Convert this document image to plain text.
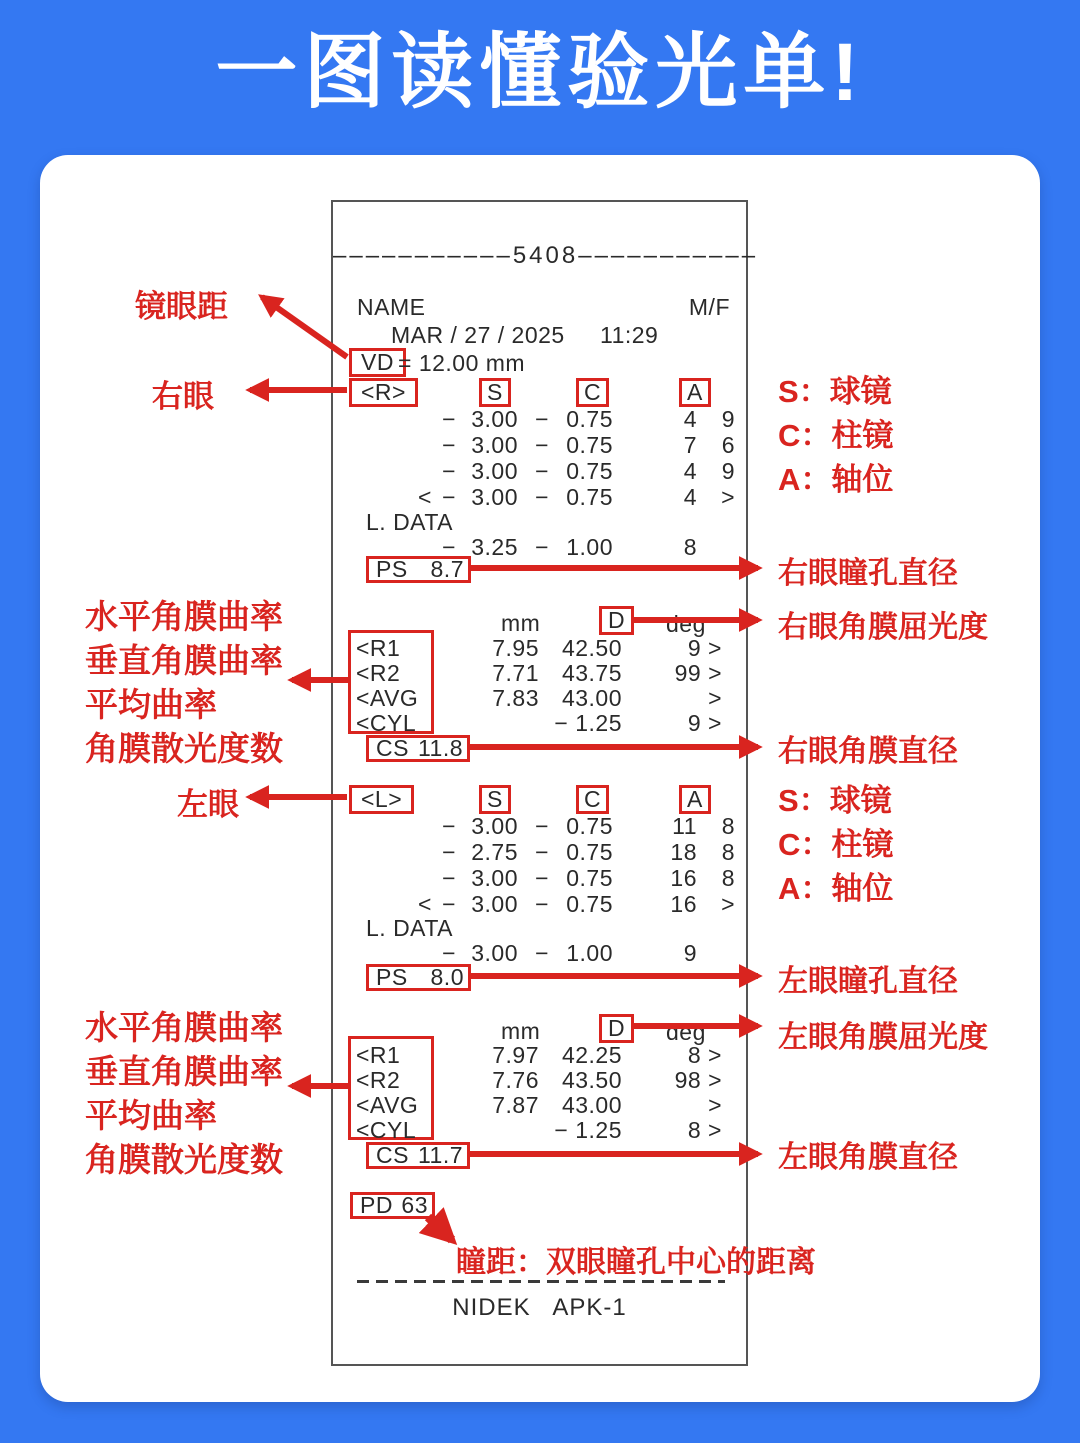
一图读懂验光单!
–––––––––––5408–––––––––––
NAME	M/F
MAR / 27 / 2025 11:29
VD = 12.00 mm
<R>	S	C	A
− 3.00 − 0.75	4	9
− 3.00 − 0.75	7	6
− 3.00 − 0.75	4	9
< − 3.00 − 0.75	4	>
L. DATA
− 3.25 − 1.00	8
PS 8.7
mm	D	deg
<R1	7.95 42.50	9 >
<R2	7.71 43.75	99 >
<AVG	7.83 43.00	>
<CYL	− 1.25	9 >
CS 11.8
<L>	S	C	A
− 3.00 − 0.75	11	8
− 2.75 − 0.75	18	8
− 3.00 − 0.75	16	8
< − 3.00 − 0.75	16	>
L. DATA
− 3.00 − 1.00	9
PS 8.0
mm	D	deg
<R1	7.97 42.25	8 >
<R2	7.76 43.50	98 >
<AVG	7.87 43.00	>
<CYL	− 1.25	8 >
CS 11.7
PD 63
NIDEK   APK-1
镜眼距
右眼
水平角膜曲率
垂直角膜曲率
平均曲率
角膜散光度数
左眼
水平角膜曲率
垂直角膜曲率
平均曲率
角膜散光度数
S：球镜
C：柱镜
A：轴位
右眼瞳孔直径
右眼角膜屈光度
右眼角膜直径
S：球镜
C：柱镜
A：轴位
左眼瞳孔直径
左眼角膜屈光度
左眼角膜直径
瞳距：双眼瞳孔中心的距离
